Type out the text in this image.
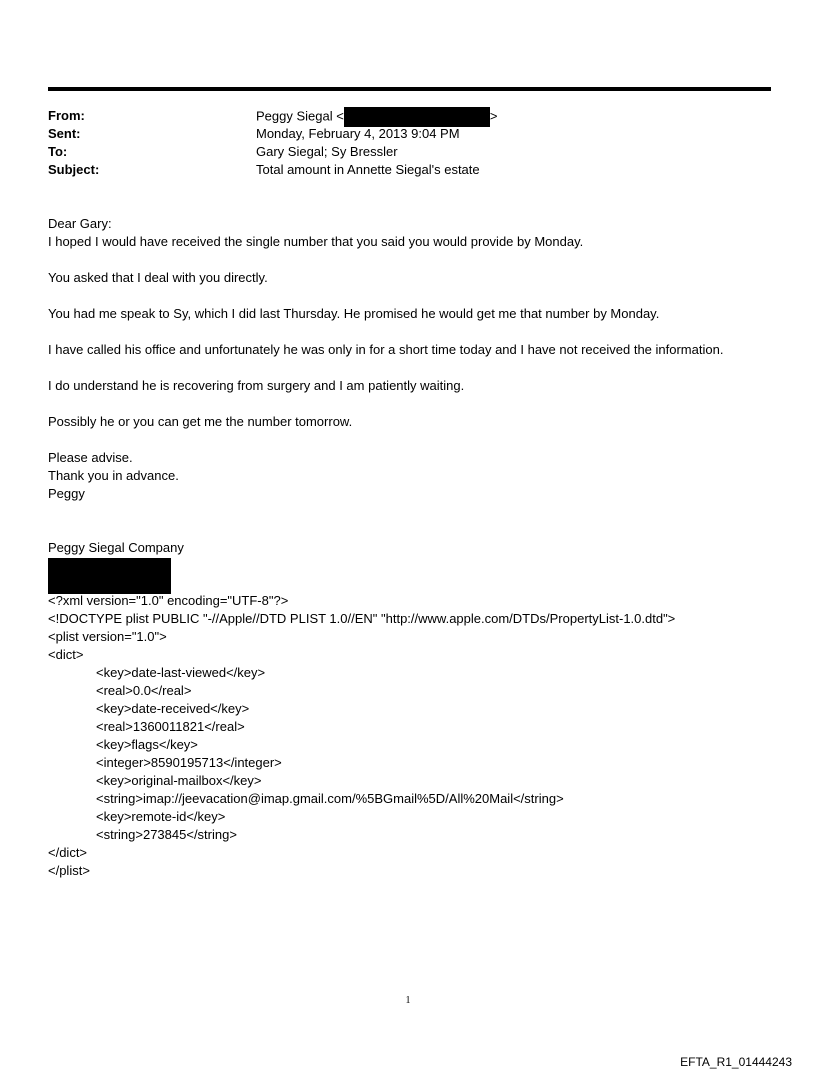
From:	Peggy Siegal <	>
Sent:	Monday, February 4, 2013 9:04 PM
To:	Gary Siegal; Sy Bressler
Subject:	Total amount in Annette Siegal's estate
Dear Gary:
I hoped I would have received the single number that you said you would provide by Monday.
You asked that I deal with you directly.
You had me speak to Sy, which I did last Thursday. He promised he would get me that number by Monday.
I have called his office and unfortunately he was only in for a short time today and I have not received the information.
I do understand he is recovering from surgery and I am patiently waiting.
Possibly he or you can get me the number tomorrow.
Please advise.
Thank you in advance.
Peggy
Peggy Siegal Company
<?xml version="1.0" encoding="UTF-8"?>
<!DOCTYPE plist PUBLIC "-//Apple//DTD PLIST 1.0//EN" "http://www.apple.com/DTDs/PropertyList-1.0.dtd">
<plist version="1.0">
<dict>
<key>date-last-viewed</key>
<real>0.0</real>
<key>date-received</key>
<real>1360011821</real>
<key>flags</key>
<integer>8590195713</integer>
<key>original-mailbox</key>
<string>imap://jeevacation@imap.gmail.com/%5BGmail%5D/All%20Mail</string>
<key>remote-id</key>
<string>273845</string>
</dict>
</plist>
1
EFTA_R1_01444243
